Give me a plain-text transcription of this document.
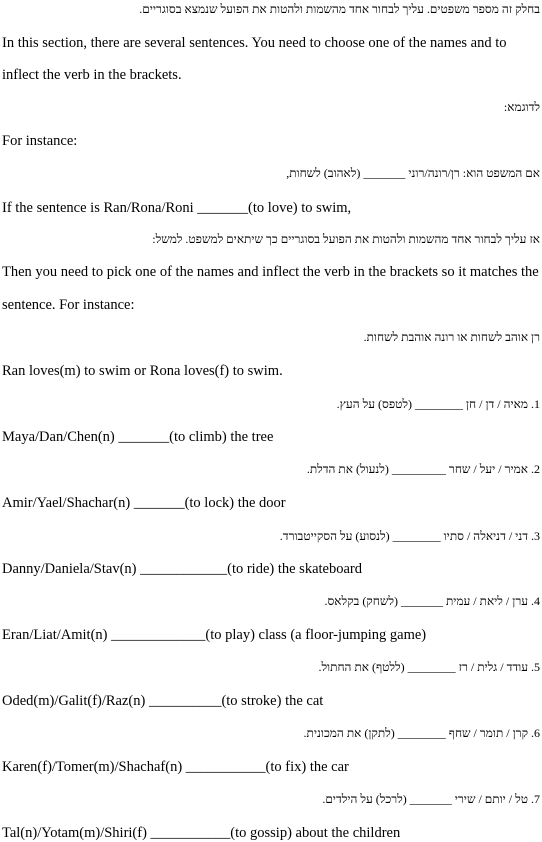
בחלק זה מספר משפטים. עליך לבחור אחד מהשמות ולהטות את הפועל שנמצא בסוגריים.
In this section, there are several sentences. You need to choose one of the names and to
inflect the verb in the brackets.
לדוגמא:
For instance:
אם המשפט הוא: רן/רונה/רוני _______ (לאהוב) לשחות,
If the sentence is Ran/Rona/Roni _______(to love) to swim,
אז עליך לבחור אחד מהשמות ולהטות את הפועל בסוגריים כך שיתאים למשפט. למשל:
Then you need to pick one of the names and inflect the verb in the brackets so it matches the
sentence. For instance:
רן אוהב לשחות או רונה אוהבת לשחות.
Ran loves(m) to swim or Rona loves(f) to swim.
1. מאיה / דן / חן ________ (לטפס) על העץ.
Maya/Dan/Chen(n) _______(to climb) the tree
2. אמיר / יעל / שחר _________ (לנעול) את הדלת.
Amir/Yael/Shachar(n) _______(to lock) the door
3. דני / דניאלה / סתיו ________ (לנסוע) על הסקייטבורד.
Danny/Daniela/Stav(n) ____________(to ride) the skateboard
4. ערן / ליאת / עמית _______ (לשחק) בקלאס.
Eran/Liat/Amit(n) _____________(to play) class (a floor-jumping game)
5. עודד / גלית / רז ________ (ללטף) את החתול.
Oded(m)/Galit(f)/Raz(n) __________(to stroke) the cat
6. קרן / תומר / שחף ________ (לתקן) את המכונית.
Karen(f)/Tomer(m)/Shachaf(n) ___________(to fix) the car
7. טל / יותם / שירי _______ (לרכל) על הילדים.
Tal(n)/Yotam(m)/Shiri(f) ___________(to gossip) about the children
